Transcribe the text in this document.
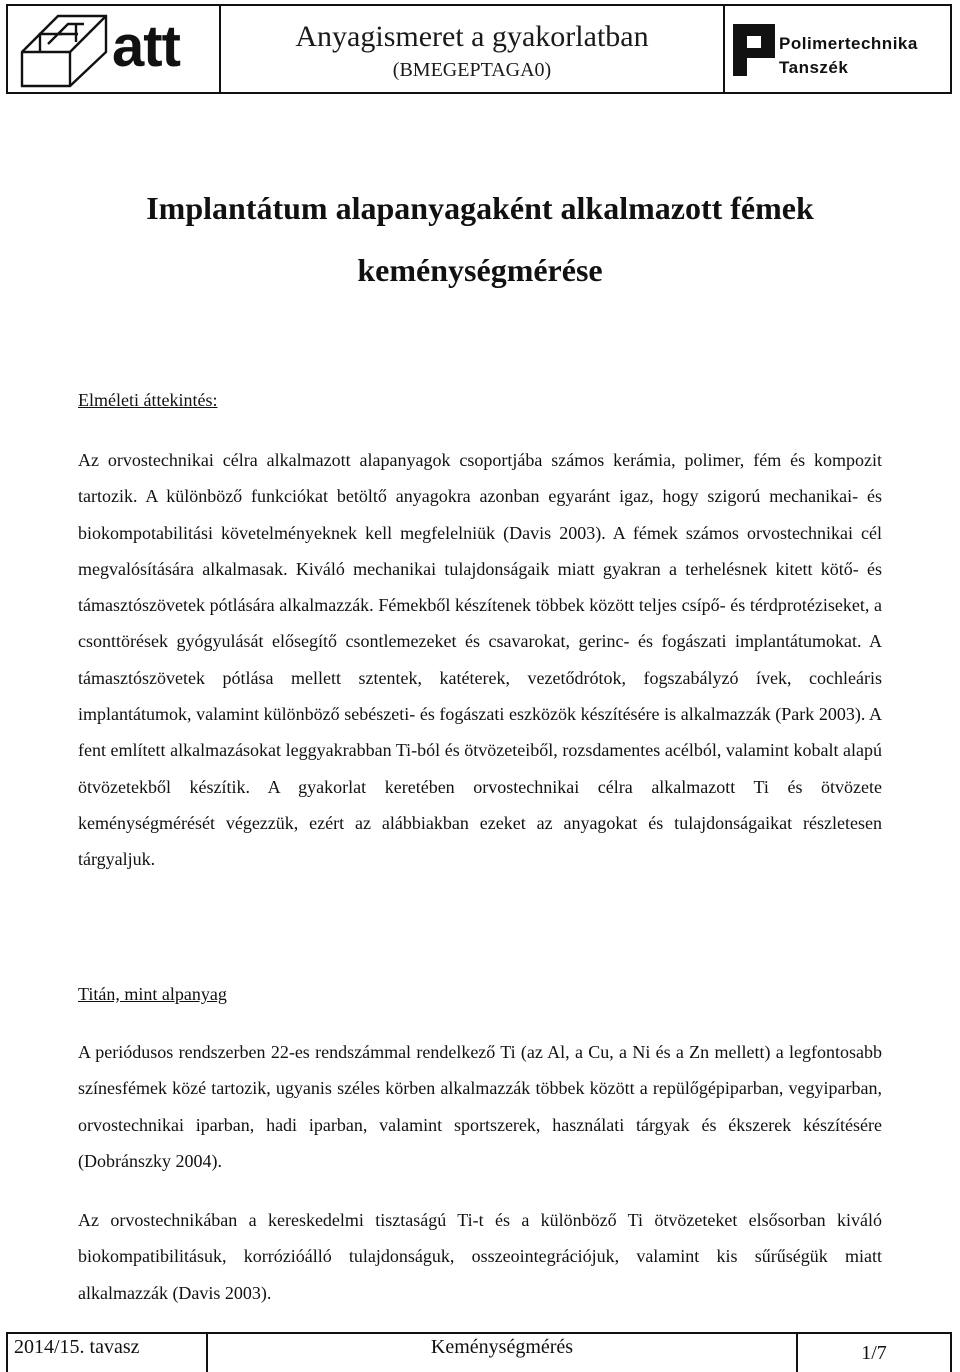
att	Anyagismeret a gyakorlatban
(BMEGEPTAGA0)
Polimertechnika
Tanszék
Implantátum alapanyagaként alkalmazott fémek
keménységmérése
Elméleti áttekintés:

Az orvostechnikai célra alkalmazott alapanyagok csoportjába számos kerámia, polimer, fém és kompozit tartozik. A különböző funkciókat betöltő anyagokra azonban egyaránt igaz, hogy szigorú mechanikai- és biokompotabilitási követelményeknek kell megfelelniük (Davis 2003). A fémek számos orvostechnikai cél megvalósítására alkalmasak. Kiváló mechanikai tulajdonságaik miatt gyakran a terhelésnek kitett kötő- és támasztószövetek pótlására alkalmazzák. Fémekből készítenek többek között teljes csípő- és térdprotéziseket, a csonttörések gyógyulását elősegítő csontlemezeket és csavarokat, gerinc- és fogászati implantátumokat. A támasztószövetek pótlása mellett sztentek, katéterek, vezetődrótok, fogszabályzó ívek, cochleáris implantátumok, valamint különböző sebészeti- és fogászati eszközök készítésére is alkalmazzák (Park 2003). A fent említett alkalmazásokat leggyakrabban Ti-ból és ötvözeteiből, rozsdamentes acélból, valamint kobalt alapú ötvözetekből készítik. A gyakorlat keretében orvostechnikai célra alkalmazott Ti és ötvözete keménységmérését végezzük, ezért az alábbiakban ezeket az anyagokat és tulajdonságaikat részletesen tárgyaljuk.

Titán, mint alpanyag

A periódusos rendszerben 22-es rendszámmal rendelkező Ti (az Al, a Cu, a Ni és a Zn mellett) a legfontosabb színesfémek közé tartozik, ugyanis széles körben alkalmazzák többek között a repülőgépiparban, vegyiparban, orvostechnikai iparban, hadi iparban, valamint sportszerek, használati tárgyak és ékszerek készítésére (Dobránszky 2004).

Az orvostechnikában a kereskedelmi tisztaságú Ti-t és a különböző Ti ötvözeteket elsősorban kiváló biokompatibilitásuk, korrózióálló tulajdonságuk, osszeointegrációjuk, valamint kis sűrűségük miatt alkalmazzák (Davis 2003).

2014/15. tavasz	Keménységmérés	1/7
